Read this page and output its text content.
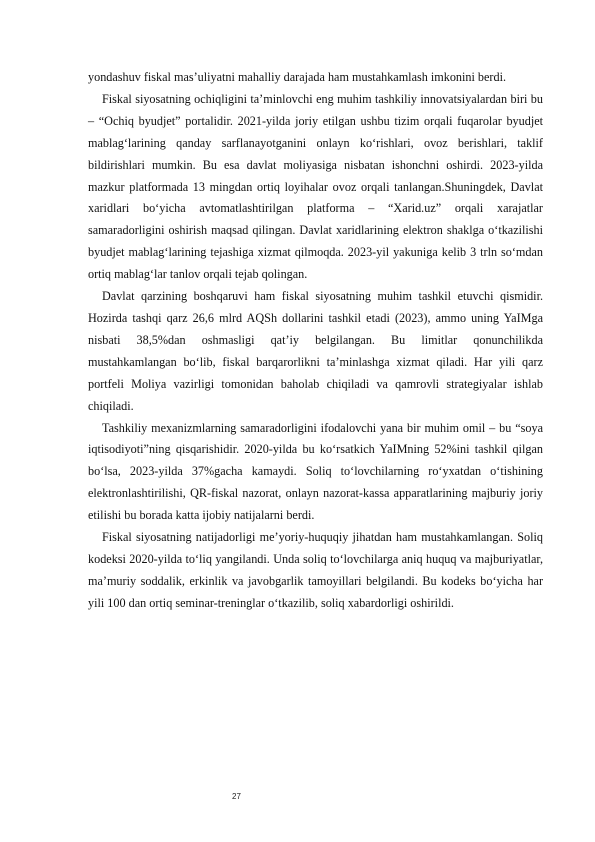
yondashuv fiskal mas’uliyatni mahalliy darajada ham mustahkamlash imkonini berdi.

Fiskal siyosatning ochiqligini ta’minlovchi eng muhim tashkiliy innovatsiyalardan biri bu – “Ochiq byudjet” portalidir. 2021-yilda joriy etilgan ushbu tizim orqali fuqarolar byudjet mablag‘larining qanday sarflanayotganini onlayn ko‘rishlari, ovoz berishlari, taklif bildirishlari mumkin. Bu esa davlat moliyasiga nisbatan ishonchni oshirdi. 2023-yilda mazkur platformada 13 mingdan ortiq loyihalar ovoz orqali tanlangan.Shuningdek, Davlat xaridlari bo‘yicha avtomatlashtirilgan platforma – “Xarid.uz” orqali xarajatlar samaradorligini oshirish maqsad qilingan. Davlat xaridlarining elektron shaklga o‘tkazilishi byudjet mablag‘larining tejashiga xizmat qilmoqda. 2023-yil yakuniga kelib 3 trln so‘mdan ortiq mablag‘lar tanlov orqali tejab qolingan.

Davlat qarzining boshqaruvi ham fiskal siyosatning muhim tashkil etuvchi qismidir. Hozirda tashqi qarz 26,6 mlrd AQSh dollarini tashkil etadi (2023), ammo uning YaIMga nisbati 38,5%dan oshmasligi qat’iy belgilangan. Bu limitlar qonunchilikda mustahkamlangan bo‘lib, fiskal barqarorlikni ta’minlashga xizmat qiladi. Har yili qarz portfeli Moliya vazirligi tomonidan baholab chiqiladi va qamrovli strategiyalar ishlab chiqiladi.

Tashkiliy mexanizmlarning samaradorligini ifodalovchi yana bir muhim omil – bu “soya iqtisodiyoti”ning qisqarishidir. 2020-yilda bu ko‘rsatkich YaIMning 52%ini tashkil qilgan bo‘lsa, 2023-yilda 37%gacha kamaydi. Soliq to‘lovchilarning ro‘yxatdan o‘tishining elektronlashtirilishi, QR-fiskal nazorat, onlayn nazorat-kassa apparatlarining majburiy joriy etilishi bu borada katta ijobiy natijalarni berdi.

Fiskal siyosatning natijadorligi me’yoriy-huquqiy jihatdan ham mustahkamlangan. Soliq kodeksi 2020-yilda to‘liq yangilandi. Unda soliq to‘lovchilarga aniq huquq va majburiyatlar, ma’muriy soddalik, erkinlik va javobgarlik tamoyillari belgilandi. Bu kodeks bo‘yicha har yili 100 dan ortiq seminar-treninglar o‘tkazilib, soliq xabardorligi oshirildi.

27
